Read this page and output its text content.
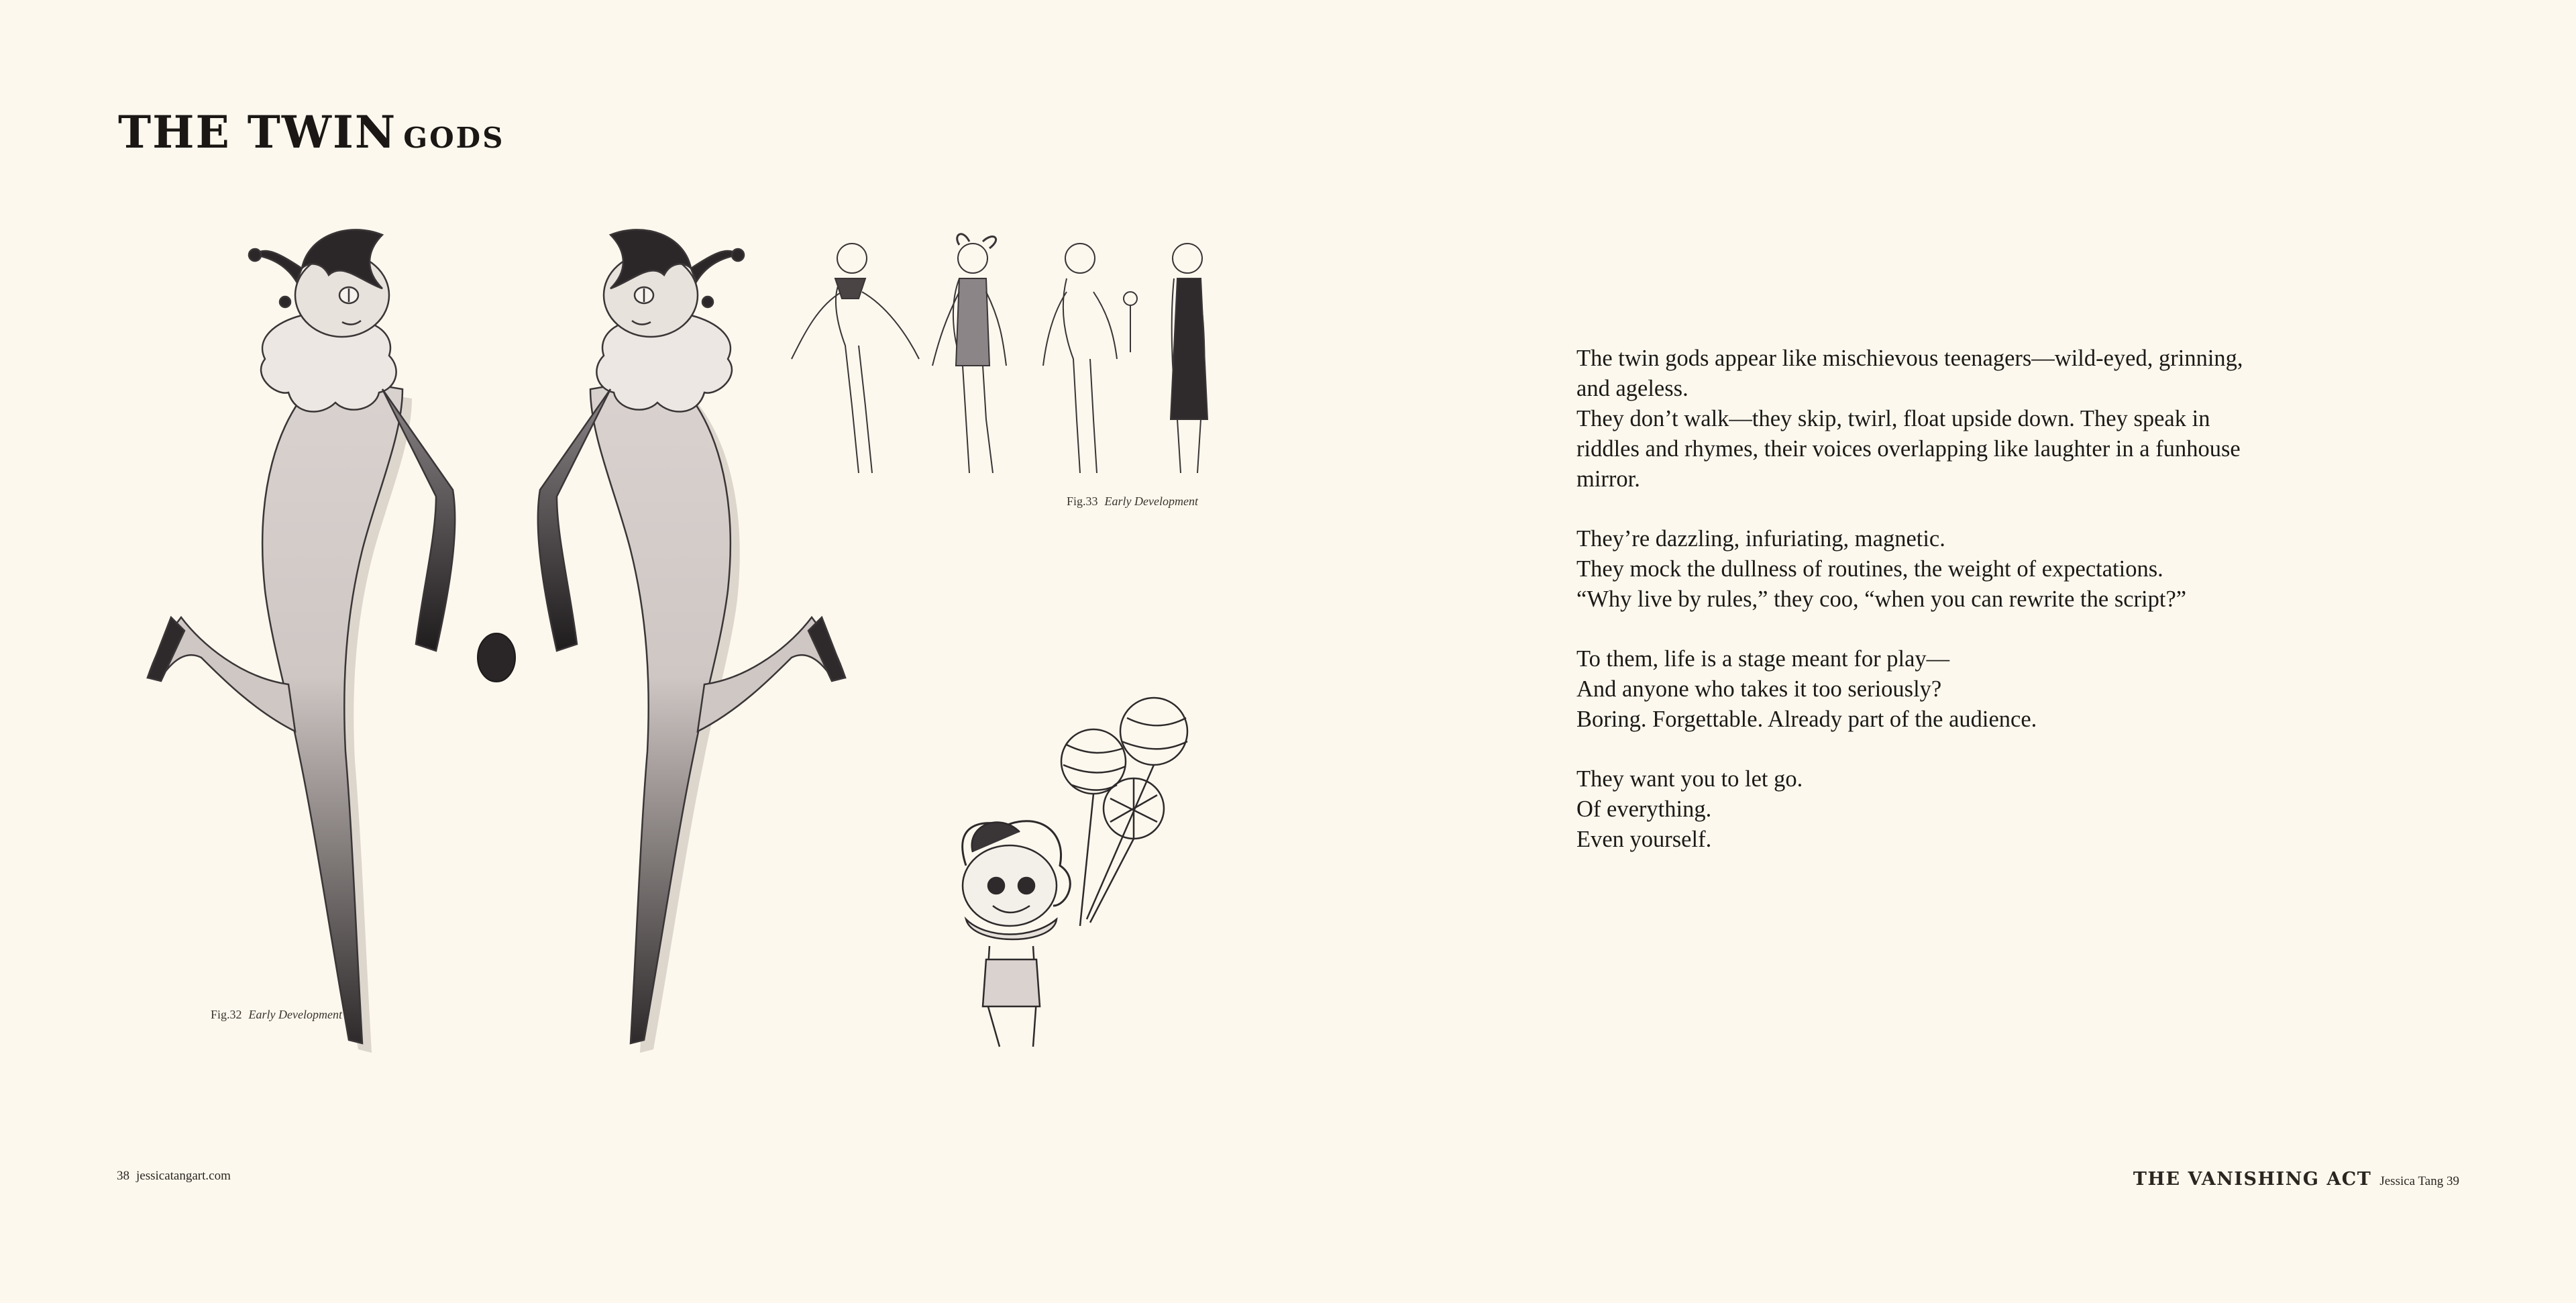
THE TWIN GODS
Fig.32 Early Development
Fig.33 Early Development

The twin gods appear like mischievous teenagers—wild-eyed, grinning, and ageless.
They don’t walk—they skip, twirl, float upside down. They speak in riddles and rhymes, their voices overlapping like laughter in a funhouse mirror.

They’re dazzling, infuriating, magnetic.
They mock the dullness of routines, the weight of expectations.
“Why live by rules,” they coo, “when you can rewrite the script?”

To them, life is a stage meant for play—
And anyone who takes it too seriously?
Boring. Forgettable. Already part of the audience.

They want you to let go.
Of everything.
Even yourself.

38 jessicatangart.com	THE VANISHING ACT Jessica Tang 39
